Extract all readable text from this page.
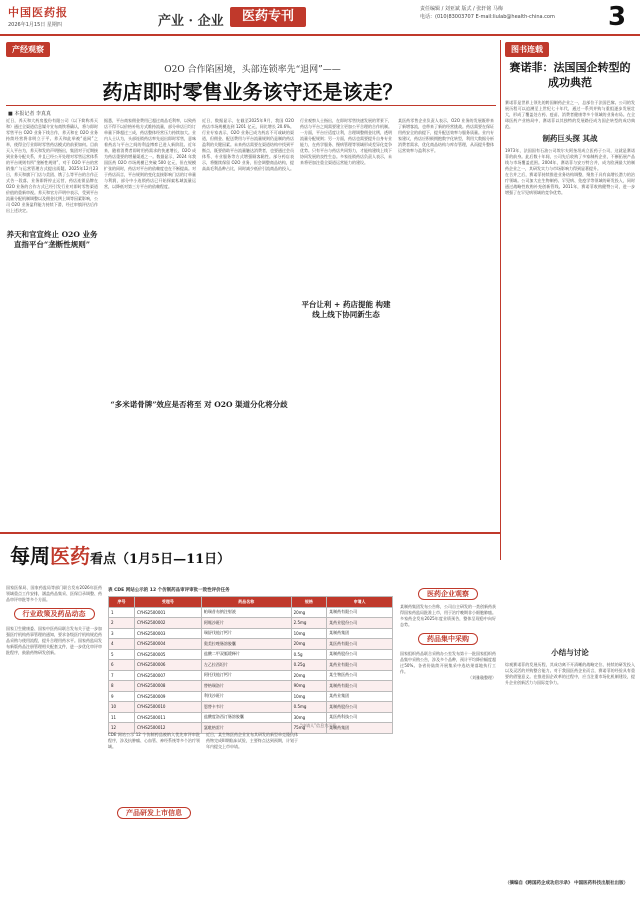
中国医药报
2026年1月15日 星期四	产业 · 企业	医药专刊	责任编辑 / 刘亚斌 版式 / 张轩铭 马梅
电话：(010)83003707 E-mail:liulab@health-china.com 3
产经观察	图书连载
O2O 合作陷困境，头部连锁率先“退网”——
药店即时零售业务该守还是该走？
■ 本报记者 李真真
近日，养天和大药房股份有限公司（以下简称养天和）通过全渠道信息媒介宣布商铁将确认，将与即时零售平台 O2O 业务下线合作，养天和在 O2O 业务持续经营将非明立于平。养天和此举被“退网”之举，使得全行业即时零售药店模式的前景如何。目前天入平台为，养天和发的声明指出，集团对于近期接到业务分配关系，并且已经公开处理对零售运营体系的平台规则有所“垄断性规则”，对于 O2O 平台的营销推广与运营管理方式提出质疑。2025年12月23日，养天和旗下门店与美团、饿了么等平台的合作正式告一段落，业务即将停止运营，药店连锁品牌在 O2O 业务的合作方式已经引发行业对即时零售渠道价值的重新审视。养天和官方声明中表示，受到平台流量分配机制调整以及佣金比例上调等因素影响，公司 O2O 业务盈利能力持续下滑，经过审慎评估后作出上述决定。
养天和官宣终止 O2O 业务 直指平台“垄断性规则”
据悉，平台商家佣金费用已超过商品毛利率，以致药店不得不以价格补贴方式维持流量，部分单店日均订单量下降超过三成，药店整体经营压力持续加大。业内人士认为，头部连锁药店率先退出即时零售，意味着药店与平台之间的利益博弈已进入新阶段。近年来，随着消费者即时用药需求的快速增长，O2O 成为药店重要的增量渠道之一。数据显示，2024 年我国医药 O2O 市场规模已突破 500 亿元，但在规模扩张的同时，药店对平台的依赖度也在不断提高。对于药店而言，平台规则的变化直接影响门店的订单量与利润，部分中小连锁药店已开始探索私域流量运营，以降低对第三方平台的依赖程度。
近日，数据显示，在截至2025年9月，我国 O2O 药店市场规模达到 1201 亿元，同比增长 20.6%。行业专家表示，O2O 业务已成为药店不可或缺的渠道，但佣金、配送费用与平台流量规则仍是制约药店盈利的关键因素。未来药店需要在渠道结构中找到平衡点，既要借助平台流量触达消费者，也要通过会员体系、专业服务等方式增强顾客黏性。部分药店表示，将继续保留 O2O 业务，但会调整商品结构，提高高毛利品种占比，同时减少低价引流商品的投入。
“多米诺骨牌”效应是否将至 对 O2O 渠道分化将分歧
行业观察人士指出，在即时零售快速发展的背景下，药店与平台之间需要建立更加公平合理的合作机制。一方面，平台应适度让利，合理调整佣金比例，透明流量分配规则；另一方面，药店也需要提升自身专业能力，在药学服务、慢病管理等领域形成差异化竞争优势。只有平台与药店共同努力，才能构建线上线下协同发展的良性生态。多家连锁药店负责人表示，未来将更加注重全渠道运营能力的建设。
平台让利 + 药店提能 构建线上线下协同新生态
某医药零售企业负责人表示，O2O 业务的发展既带来了新增客流，也带来了新的经营挑战。药店需要在保证用药安全的前提下，提升配送效率与服务质量。业内专家建议，药店应积极拥抱数字化转型，利用大数据分析消费者需求，优化商品结构与库存管理，从而提升整体运营效率与盈利水平。
赛诺菲：法国国企转型的成功典范
赛诺菲是世界上领先的跨国制药企业之一，总部位于法国巴黎。公司的发展历程可以追溯至上世纪七十年代，通过一系列并购与重组逐步发展壮大，形成了覆盖处方药、疫苗、消费者健康等多个领域的业务布局。在全球医药产业格局中，赛诺菲以其独特的发展路径成为国企转型的成功典范。
制药巨头探 其战
1973年，法国国有石油公司埃尔夫阿奎坦成立医药子公司，这就是赛诺菲的前身。此后数十年间，公司先后收购了多家制药企业，不断拓展产品线与市场覆盖范围。2004年，赛诺菲与安万特合并，成为欧洲最大的制药企业之一，其研发实力与市场影响力得到显著提升。
在合并之后，赛诺菲持续推进业务结构调整，聚焦于具有高增长潜力的治疗领域。公司加大在生物制药、罕见病、免疫学等领域的研发投入，同时通过战略性收购补充创新管线。2011年，赛诺菲收购健赞公司，进一步增强了在罕见病领域的竞争优势。
每周医药看点（1月5日—11日）
国家医保局、国家药监局等部门联合发布2026年医药领域重点工作安排，涵盖药品集采、医保目录调整、药品审评审批等多个方面。
行业政策及药品动态
国家卫生健康委、国家中医药局联合发布关于进一步加强医疗机构药事管理的通知，要求各级医疗机构规范药品采购与使用流程，提升合理用药水平。国家药监局发布新版药品注册管理相关配套文件，进一步优化审评审批程序，鼓励药物研发创新。
表 CDE 网站公示的 12 个仿制药品审评审批一致性评价任务
序号	受理号	药品名称	规格	申请人
1	CYHS2500001	帕瑞昔布钠注射液	20mg	某制药有限公司
2	CYHS2500002	阿哌沙班片	2.5mg	某药业股份公司
3	CYHS2500003	瑞舒伐他汀钙片	10mg	某制药集团
4	CYHS2500004	奥美拉唑肠溶胶囊	20mg	某医药有限公司
5	CYHS2500005	盐酸二甲双胍缓释片	0.5g	某制药股份公司
6	CYHS2500006	左乙拉西坦片	0.25g	某药业有限公司
7	CYHS2500007	阿托伐他汀钙片	20mg	某生物医药公司
8	CYHS2500008	替格瑞洛片	90mg	某制药有限公司
9	CYHS2500009	利伐沙班片	10mg	某药业集团
10	CYHS2500010	恩替卡韦片	0.5mg	某制药股份公司
11	CYHS2500011	盐酸度洛西汀肠溶胶囊	30mg	某医药科技公司
12	CYHS2500012	氯吡格雷片	75mg	某制药集团
“申请人”信息为示意
CDE 网站公示 12 个仿制药品被纳入优先审评审批程序，涉及抗肿瘤、心血管、神经系统等多个治疗领域。
产品研发上市信息
近日，某生物医药企业宣布其研发的新型单克隆抗体药物完成III期临床试验，主要终点达到预期，计划于年内提交上市申请。
医药企业观察
某制药集团发布公告称，公司自主研发的一类创新药获得国家药监局批准上市，用于治疗晚期非小细胞肺癌。多家药企发布2025年度业绩预告，整体呈现稳中向好态势。
药品集中采购
国家组织药品联合采购办公室发布第十一批国家组织药品集中采购公告，涉及多个品种，预计平均降价幅度超过50%。各省份陆续开展集采中选结果落地执行工作。
（刘雅璇整理）
小结与讨论
综观赛诺菲的发展历程，其成功离不开清晰的战略定位、持续的研发投入以及灵活的并购整合能力。对于我国医药企业而言，赛诺菲的经验具有重要的借鉴意义。在推进国企改革的过程中，应当注重市场化机制建设，提升企业创新活力与国际竞争力。
（摘编自《跨国药企成功启示录》 中国医药科技出版社出版）
